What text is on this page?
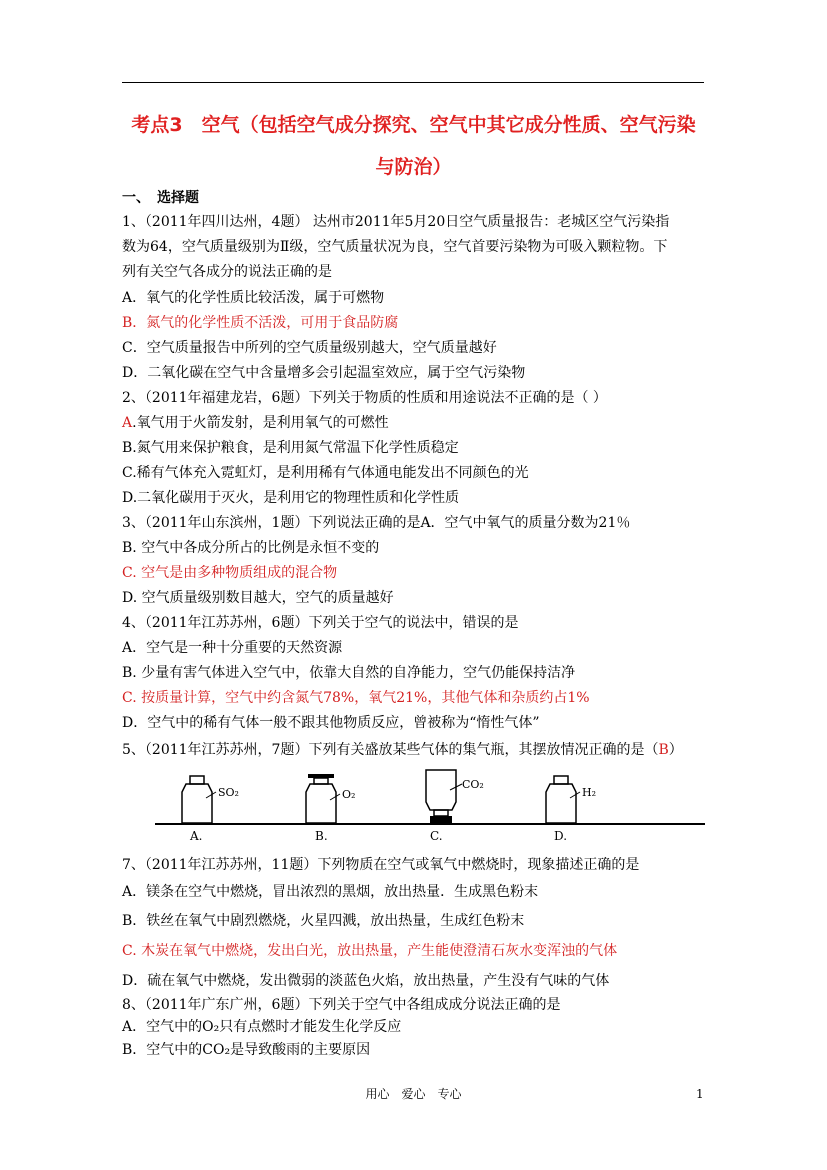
考点3　空气（包括空气成分探究、空气中其它成分性质、空气污染
与防治）
一、　选择题
1、（2011年四川达州，4题） 达州市2011年5月20日空气质量报告：老城区空气污染指
数为64，空气质量级别为Ⅱ级，空气质量状况为良，空气首要污染物为可吸入颗粒物。下
列有关空气各成分的说法正确的是
A．氧气的化学性质比较活泼，属于可燃物
B．氮气的化学性质不活泼，可用于食品防腐
C．空气质量报告中所列的空气质量级别越大，空气质量越好
D．二氧化碳在空气中含量增多会引起温室效应，属于空气污染物
2、（2011年福建龙岩，6题）下列关于物质的性质和用途说法不正确的是（ ）
A.氧气用于火箭发射，是利用氧气的可燃性
B.氮气用来保护粮食，是利用氮气常温下化学性质稳定
C.稀有气体充入霓虹灯，是利用稀有气体通电能发出不同颜色的光
D.二氧化碳用于灭火，是利用它的物理性质和化学性质
3、（2011年山东滨州，1题）下列说法正确的是A．空气中氧气的质量分数为21％
B. 空气中各成分所占的比例是永恒不变的
C. 空气是由多种物质组成的混合物
D. 空气质量级别数目越大，空气的质量越好
4、（2011年江苏苏州，6题）下列关于空气的说法中，错误的是
A．空气是一种十分重要的天然资源
B. 少量有害气体进入空气中，依靠大自然的自净能力，空气仍能保持洁净
C. 按质量计算，空气中约含氮气78%，氧气21%，其他气体和杂质约占1%
D．空气中的稀有气体一般不跟其他物质反应，曾被称为“惰性气体”
5、（2011年江苏苏州，7题）下列有关盛放某些气体的集气瓶，其摆放情况正确的是（B）
SO₂
A.
O₂
B.
CO₂
C.
H₂
D.
7、（2011年江苏苏州，11题）下列物质在空气或氧气中燃烧时，现象描述正确的是
A．镁条在空气中燃烧，冒出浓烈的黑烟，放出热量．生成黑色粉末
B．铁丝在氧气中剧烈燃烧，火星四溅，放出热量，生成红色粉末
C. 木炭在氧气中燃烧，发出白光，放出热量，产生能使澄清石灰水变浑浊的气体
D．硫在氧气中燃烧，发出微弱的淡蓝色火焰，放出热量，产生没有气味的气体
8、（2011年广东广州，6题）下列关于空气中各组成成分说法正确的是
A．空气中的O₂只有点燃时才能发生化学反应
B．空气中的CO₂是导致酸雨的主要原因
用心　爱心　专心	1
